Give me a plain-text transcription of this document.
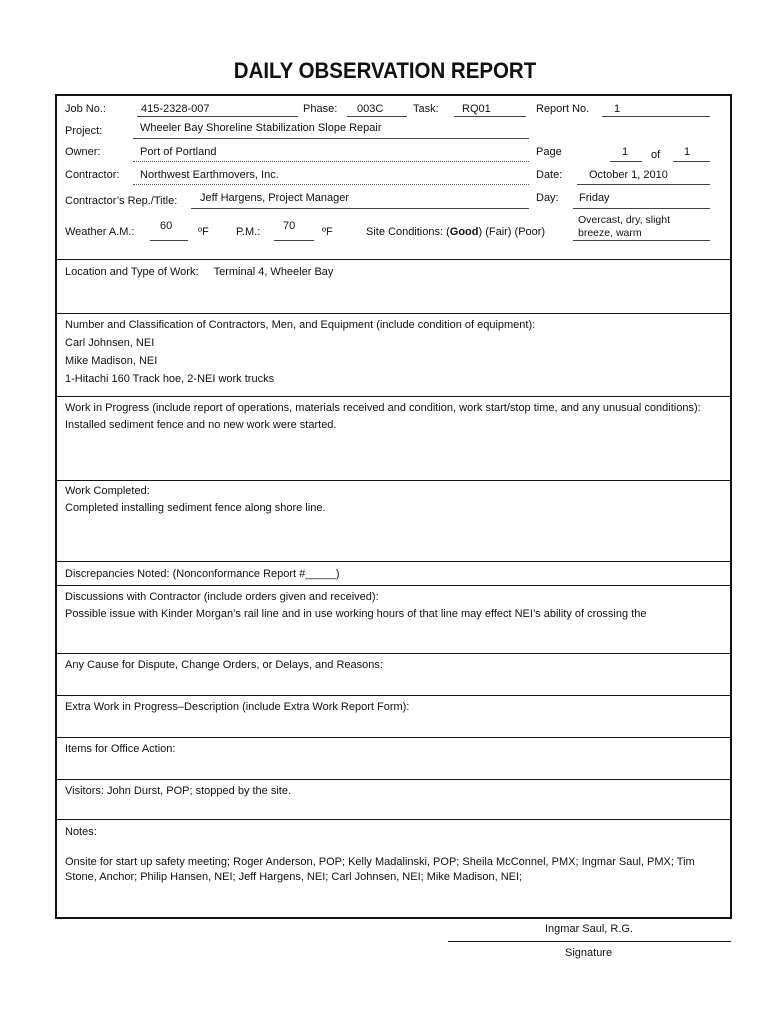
DAILY OBSERVATION REPORT
Job No.:	415-2328-007	Phase: 003C	Task: RQ01	Report No. 1
Project:	Wheeler Bay Shoreline Stabilization Slope Repair
Owner:	Port of Portland	Page	1 of 1
Contractor: Northwest Earthmovers, Inc.	Date: October 1, 2010
Contractor’s Rep./Title: Jeff Hargens, Project Manager	Day: Friday
Weather A.M.: 60 ºF P.M.: 70 ºF	Site Conditions: (Good) (Fair) (Poor)
Overcast, dry, slight breeze, warm
Location and Type of Work: Terminal 4, Wheeler Bay
Number and Classification of Contractors, Men, and Equipment (include condition of equipment):
Carl Johnsen, NEI
Mike Madison, NEI
1-Hitachi 160 Track hoe, 2-NEI work trucks
Work in Progress (include report of operations, materials received and condition, work start/stop time, and any unusual conditions):
Installed sediment fence and no new work were started.
Work Completed:
Completed installing sediment fence along shore line.
Discrepancies Noted: (Nonconformance Report #_____)
Discussions with Contractor (include orders given and received):
Possible issue with Kinder Morgan’s rail line and in use working hours of that line may effect NEI’s ability of crossing the
Any Cause for Dispute, Change Orders, or Delays, and Reasons:
Extra Work in Progress–Description (include Extra Work Report Form):
Items for Office Action:
Visitors: John Durst, POP; stopped by the site.
Notes:
Onsite for start up safety meeting; Roger Anderson, POP; Kelly Madalinski, POP; Sheila McConnel, PMX; Ingmar Saul, PMX; Tim Stone, Anchor; Philip Hansen, NEI; Jeff Hargens, NEI; Carl Johnsen, NEI; Mike Madison, NEI;
Ingmar Saul, R.G.
Signature
